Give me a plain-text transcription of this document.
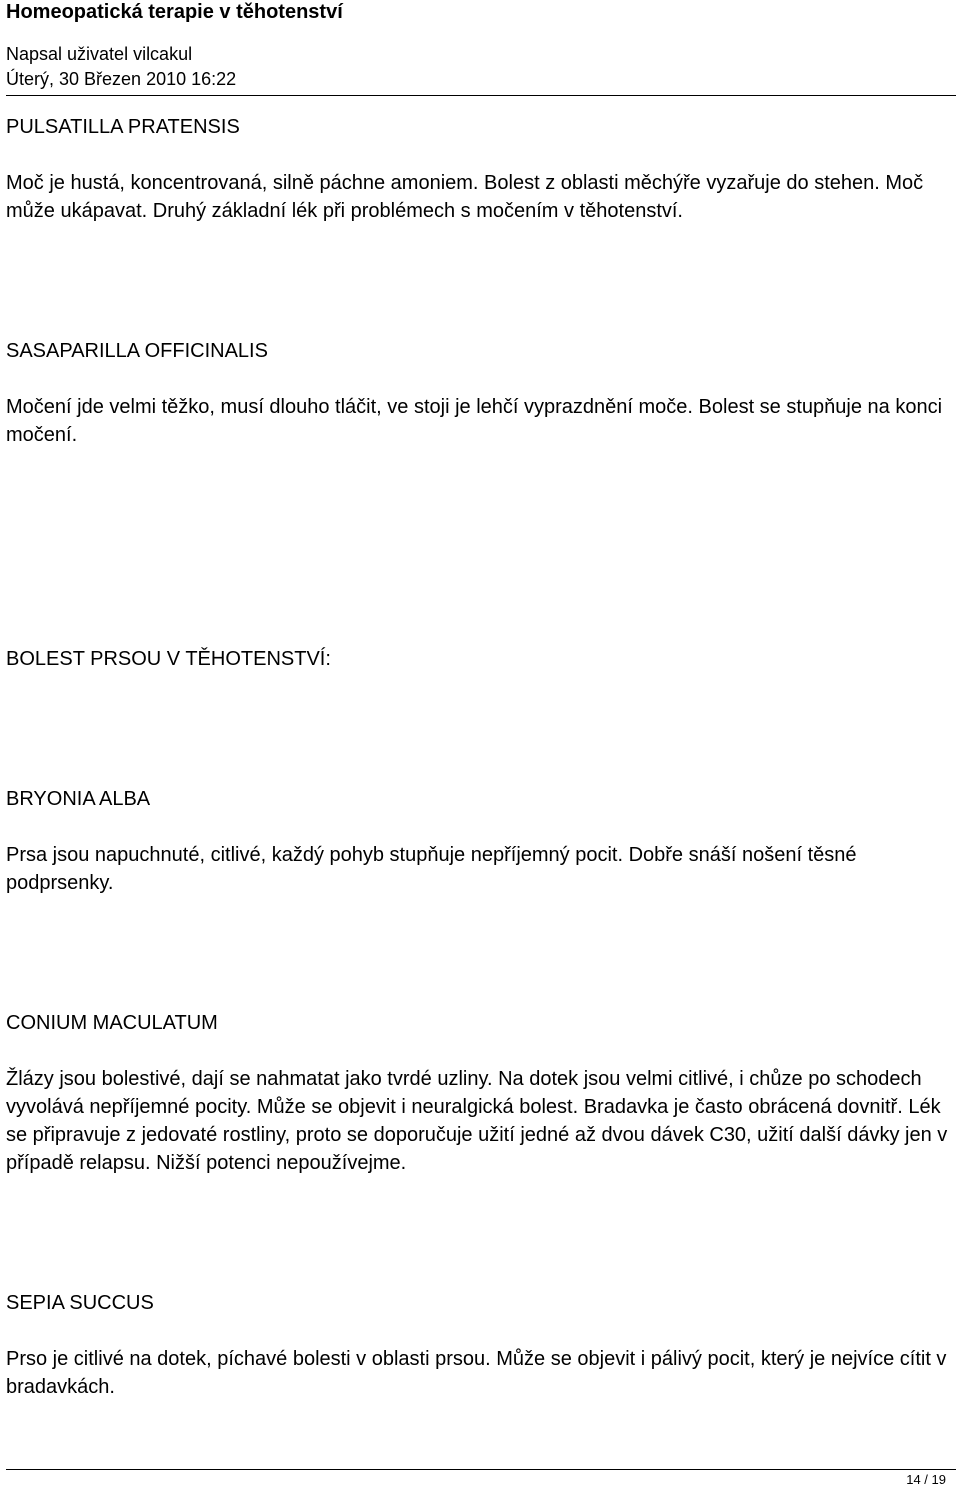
Homeopatická terapie v těhotenství
Napsal uživatel vilcakul
Úterý, 30 Březen 2010 16:22
PULSATILLA PRATENSIS

Moč je hustá, koncentrovaná, silně páchne amoniem. Bolest z oblasti měchýře vyzařuje do stehen. Moč může ukápavat. Druhý základní lék při problémech s močením v těhotenství.

SASAPARILLA OFFICINALIS

Močení jde velmi těžko, musí dlouho tláčit, ve stoji je lehčí vyprazdnění moče. Bolest se stupňuje na konci močení.

BOLEST PRSOU V TĚHOTENSTVÍ:
BRYONIA ALBA

Prsa jsou napuchnuté, citlivé, každý pohyb stupňuje nepříjemný pocit. Dobře snáší nošení těsné podprsenky.

CONIUM MACULATUM

Žlázy jsou bolestivé, dají se nahmatat jako tvrdé uzliny. Na dotek jsou velmi citlivé, i chůze po schodech vyvolává nepříjemné pocity. Může se objevit i neuralgická bolest. Bradavka je často obrácená dovnitř. Lék se připravuje z jedovaté rostliny, proto se doporučuje užití jedné až dvou dávek C30, užití další dávky jen v případě relapsu. Nižší potenci nepoužívejme.

SEPIA SUCCUS

Prso je citlivé na dotek, píchavé bolesti v oblasti prsou. Může se objevit i pálivý pocit, který je nejvíce cítit v bradavkách.

14 / 19
